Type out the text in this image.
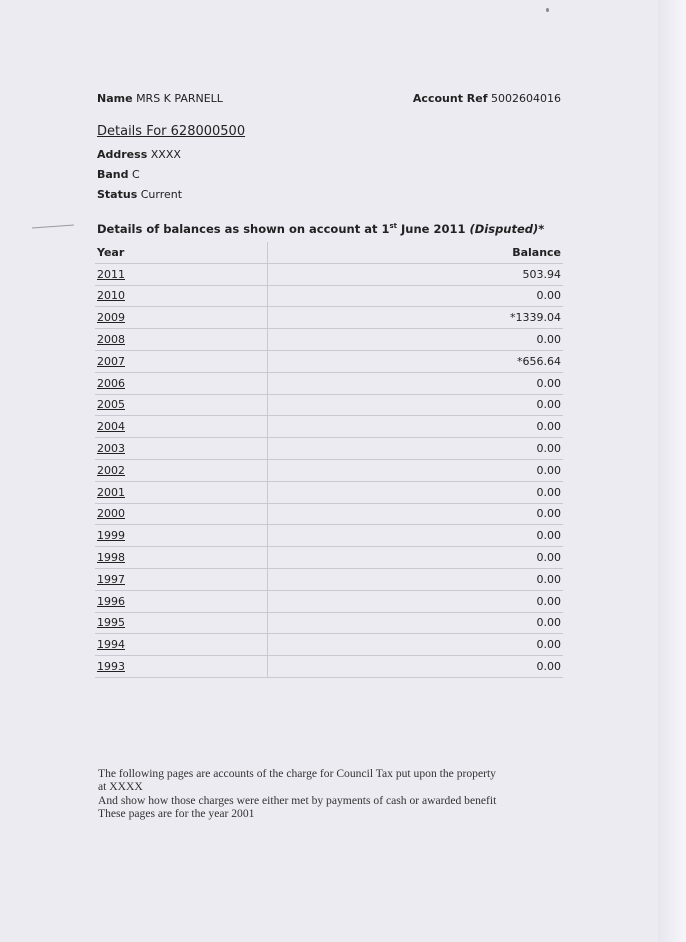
Name MRS K PARNELL	Account Ref 5002604016
Details For 628000500
Address XXXX
Band C
Status Current
Details of balances as shown on account at 1st June 2011 (Disputed)*
Year	Balance
2011	503.94
2010	0.00
2009	*1339.04
2008	0.00
2007	*656.64
2006	0.00
2005	0.00
2004	0.00
2003	0.00
2002	0.00
2001	0.00
2000	0.00
1999	0.00
1998	0.00
1997	0.00
1996	0.00
1995	0.00
1994	0.00
1993	0.00
The following pages are accounts of the charge for Council Tax put upon the property
at XXXX
And show how those charges were either met by payments of cash or awarded benefit
These pages are for the year 2001
